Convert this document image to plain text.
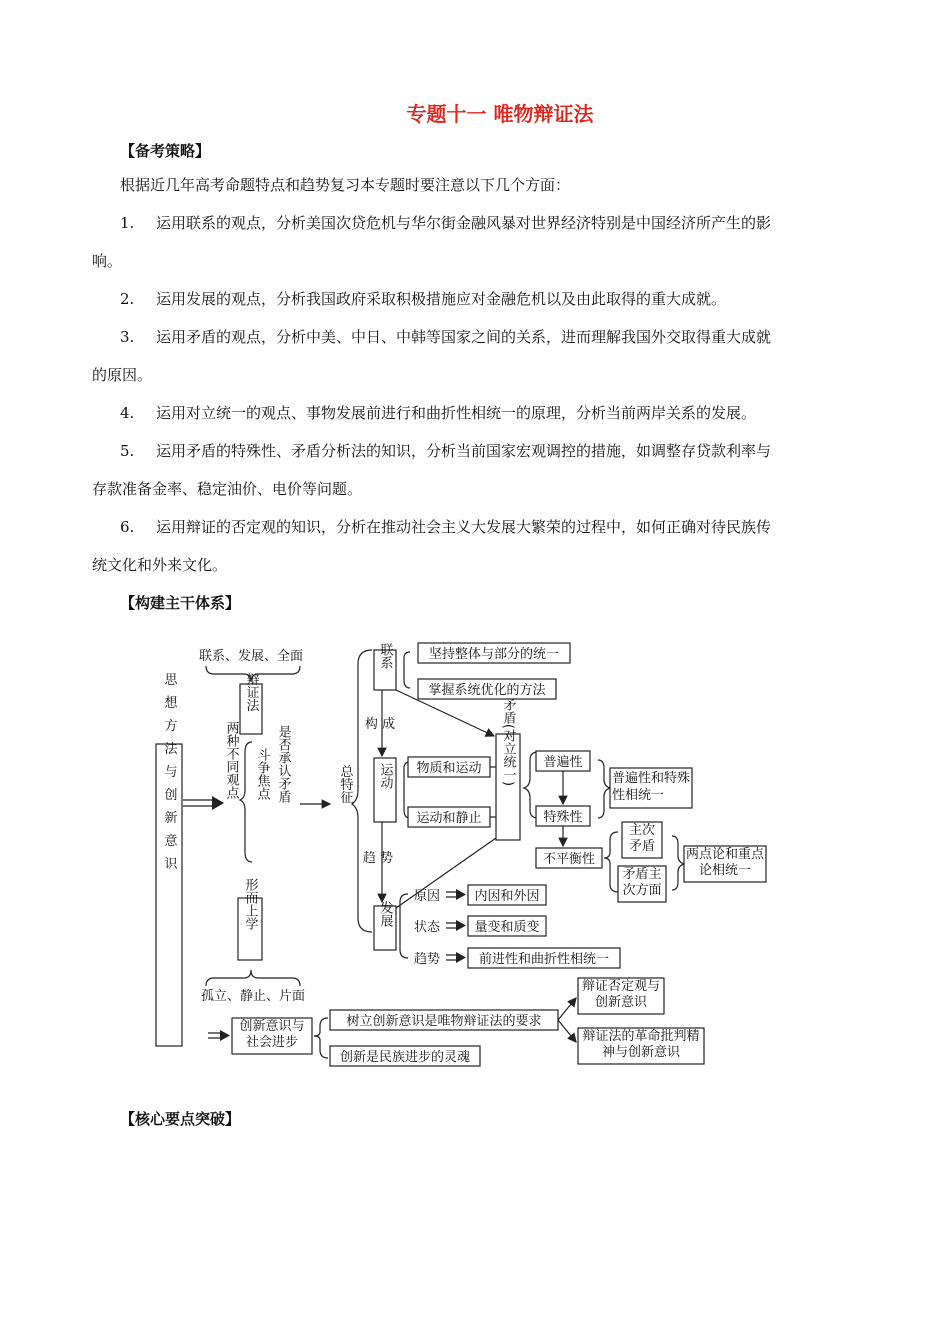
专题十一 唯物辩证法
【备考策略】
根据近几年高考命题特点和趋势复习本专题时要注意以下几个方面：
1. 运用联系的观点，分析美国次贷危机与华尔街金融风暴对世界经济特别是中国经济所产生的影
响。
2. 运用发展的观点，分析我国政府采取积极措施应对金融危机以及由此取得的重大成就。
3. 运用矛盾的观点，分析中美、中日、中韩等国家之间的关系，进而理解我国外交取得重大成就
的原因。
4. 运用对立统一的观点、事物发展前进行和曲折性相统一的原理，分析当前两岸关系的发展。
5. 运用矛盾的特殊性、矛盾分析法的知识，分析当前国家宏观调控的措施，如调整存贷款利率与
存款准备金率、稳定油价、电价等问题。
6. 运用辩证的否定观的知识，分析在推动社会主义大发展大繁荣的过程中，如何正确对待民族传
统文化和外来文化。
【构建主干体系】
思想方法与创新意识
联系、发展、全面
辩证法
两种不同观点 斗争焦点 是否承认矛盾
形而上学
孤立、静止、片面
总特征
联系	坚持整体与部分的统一
掌握系统优化的方法
构 成
运动 物质和运动
运动和静止
趋 势
发展
原因	内因和外因
状态	量变和质变
趋势	前进性和曲折性相统一
矛盾(对立统一) 普遍性
特殊性
普遍性和特殊性相统一
不平衡性
主次矛盾
矛盾主次方面
两点论和重点论相统一
创新意识与社会进步
树立创新意识是唯物辩证法的要求
创新是民族进步的灵魂
辩证否定观与创新意识
辩证法的革命批判精神与创新意识
【核心要点突破】
